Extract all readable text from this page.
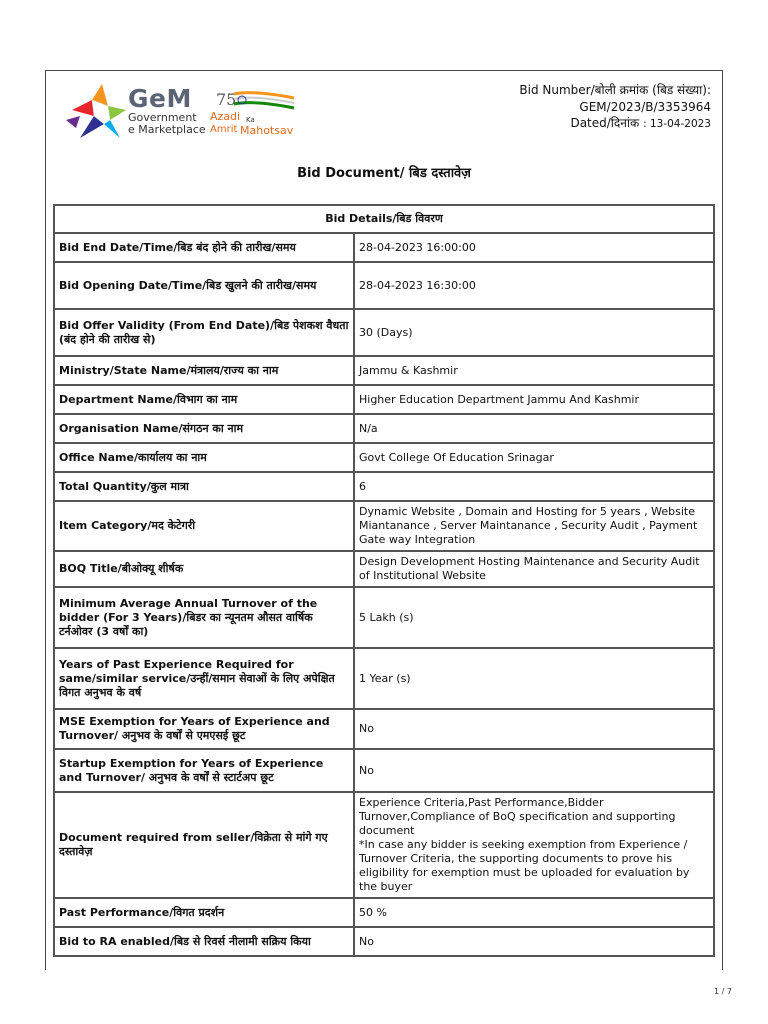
GeM
Government
e Marketplace
75
Azadi Ka
Amrit Mahotsav
Bid Number/बोली क्रमांक (बिड संख्या):
GEM/2023/B/3353964
Dated/दिनांक : 13-04-2023
Bid Document/ बिड दस्तावेज़
Bid Details/बिड विवरण	
Bid End Date/Time/बिड बंद होने की तारीख/समय	28-04-2023 16:00:00
Bid Opening Date/Time/बिड खुलने की तारीख/समय	28-04-2023 16:30:00
Bid Offer Validity (From End Date)/बिड पेशकश वैधता (बंद होने की तारीख से)	30 (Days)
Ministry/State Name/मंत्रालय/राज्य का नाम	Jammu & Kashmir
Department Name/विभाग का नाम	Higher Education Department Jammu And Kashmir
Organisation Name/संगठन का नाम	N/a
Office Name/कार्यालय का नाम	Govt College Of Education Srinagar
Total Quantity/कुल मात्रा	6
Item Category/मद केटेगरी	Dynamic Website , Domain and Hosting for 5 years , Website Miantanance , Server Maintanance , Security Audit , Payment Gate way Integration
BOQ Title/बीओक्यू शीर्षक	Design Development Hosting Maintenance and Security Audit of Institutional Website
Minimum Average Annual Turnover of the bidder (For 3 Years)/बिडर का न्यूनतम औसत वार्षिक टर्नओवर (3 वर्षों का)	5 Lakh (s)
Years of Past Experience Required for same/similar service/उन्हीं/समान सेवाओं के लिए अपेक्षित विगत अनुभव के वर्ष	1 Year (s)
MSE Exemption for Years of Experience and Turnover/ अनुभव के वर्षों से एमएसई छूट	No
Startup Exemption for Years of Experience and Turnover/ अनुभव के वर्षों से स्टार्टअप छूट	No
Document required from seller/विक्रेता से मांगे गए दस्तावेज़	Experience Criteria,Past Performance,Bidder Turnover,Compliance of BoQ specification and supporting document
*In case any bidder is seeking exemption from Experience / Turnover Criteria, the supporting documents to prove his eligibility for exemption must be uploaded for evaluation by the buyer
Past Performance/विगत प्रदर्शन	50 %
Bid to RA enabled/बिड से रिवर्स नीलामी सक्रिय किया	No
1 / 7
